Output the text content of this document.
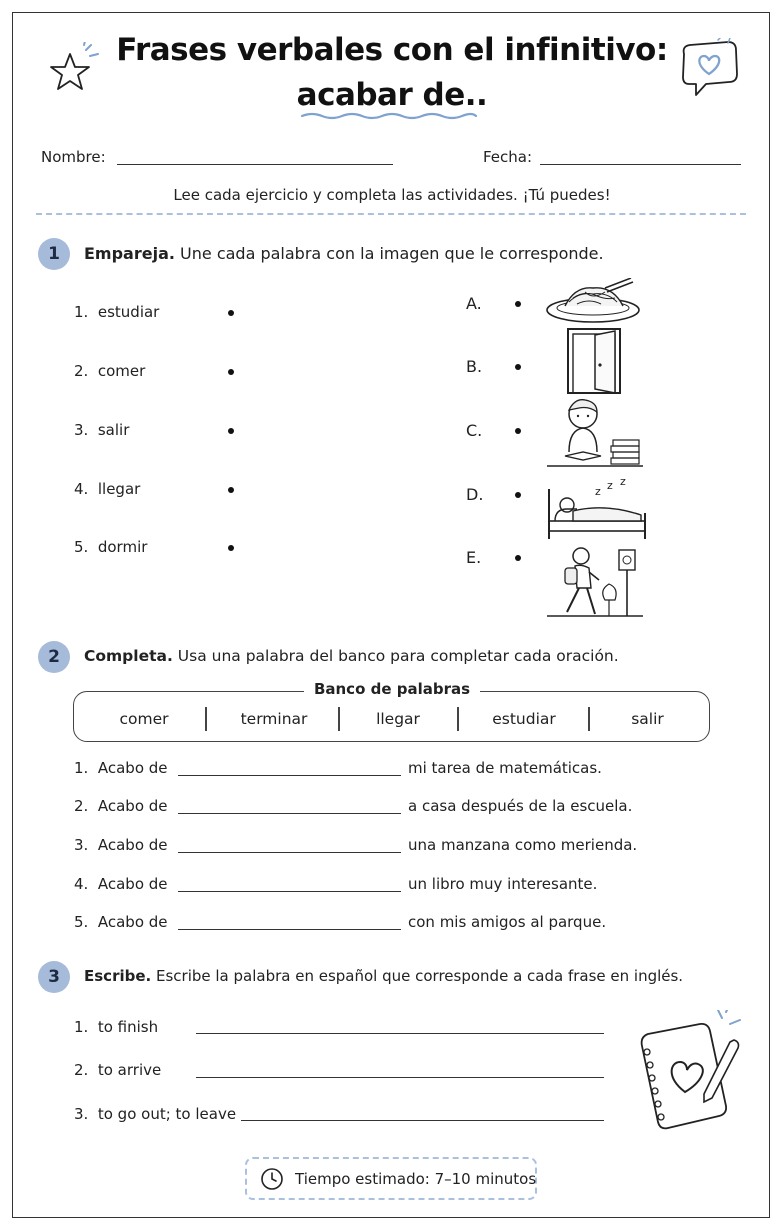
Frases verbales con el infinitivo:
acabar de..
Nombre:	Fecha:
Lee cada ejercicio y completa las actividades. ¡Tú puedes!
1	Empareja. Une cada palabra con la imagen que le corresponde.
1. estudiar
2. comer
3. salir
4. llegar
5. dormir
A.
B.
C.
D.
E.
z z z
2	Completa. Usa una palabra del banco para completar cada oración.
Banco de palabras
comer	terminar	llegar	estudiar	salir
1. Acabo de	mi tarea de matemáticas.
2. Acabo de	a casa después de la escuela.
3. Acabo de	una manzana como merienda.
4. Acabo de	un libro muy interesante.
5. Acabo de	con mis amigos al parque.
3	Escribe. Escribe la palabra en español que corresponde a cada frase en inglés.
1. to finish
2. to arrive
3. to go out; to leave
Tiempo estimado: 7–10 minutos
